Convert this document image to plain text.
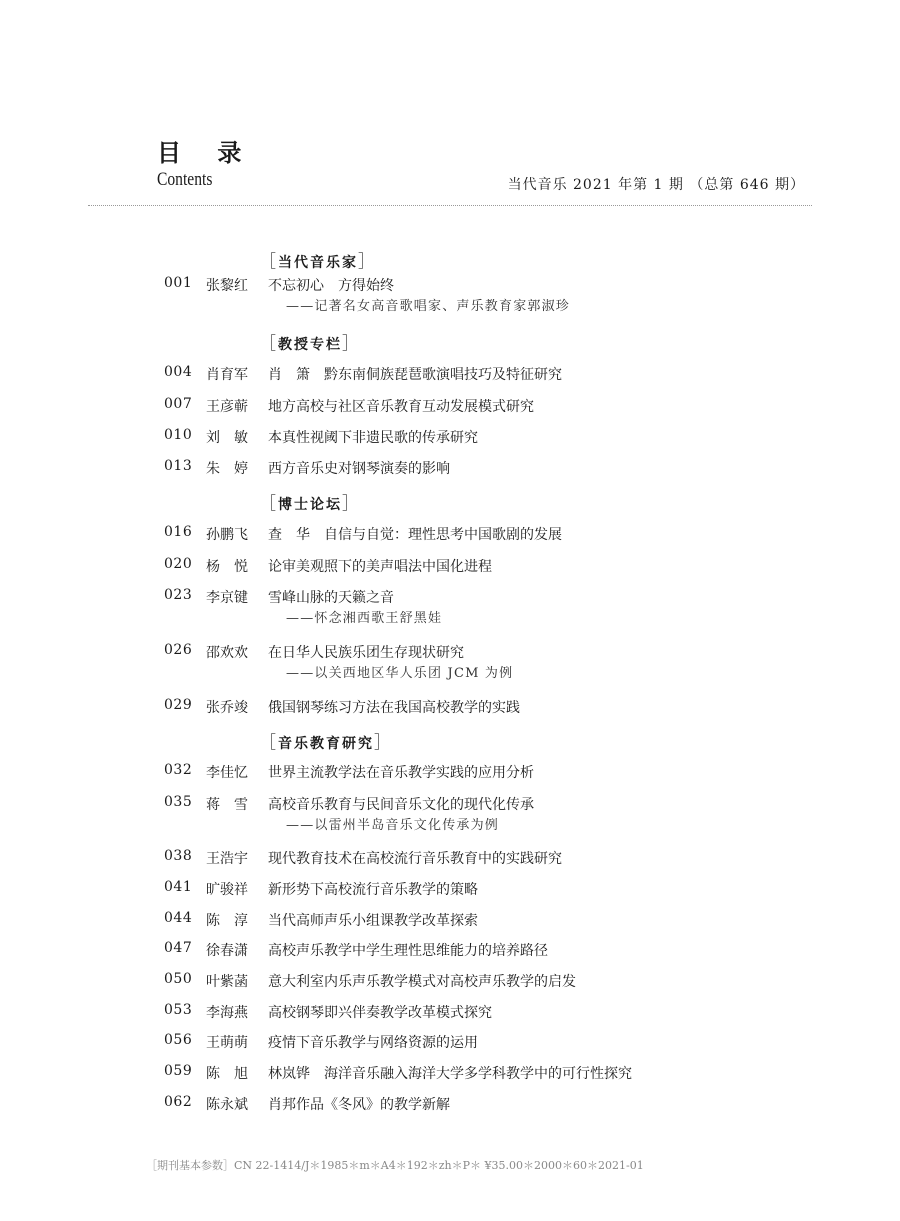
目 录
Contents	当代音乐 2021 年第 1 期 （总第 646 期）
［当代音乐家］
001 张黎红	不忘初心　方得始终
——记著名女高音歌唱家、声乐教育家郭淑珍
［教授专栏］
004 肖育军	肖　箫　黔东南侗族琵琶歌演唱技巧及特征研究
007 王彦蕲	地方高校与社区音乐教育互动发展模式研究
010 刘　敏	本真性视阈下非遗民歌的传承研究
013 朱　婷	西方音乐史对钢琴演奏的影响
［博士论坛］
016 孙鹏飞	查　华　自信与自觉：理性思考中国歌剧的发展
020 杨　悦	论审美观照下的美声唱法中国化进程
023 李京键	雪峰山脉的天籁之音
——怀念湘西歌王舒黑娃
026 邵欢欢	在日华人民族乐团生存现状研究
——以关西地区华人乐团 JCM 为例
029 张乔竣	俄国钢琴练习方法在我国高校教学的实践
［音乐教育研究］
032 李佳忆	世界主流教学法在音乐教学实践的应用分析
035 蒋　雪	高校音乐教育与民间音乐文化的现代化传承
——以雷州半岛音乐文化传承为例
038 王浩宇	现代教育技术在高校流行音乐教育中的实践研究
041 旷骏祥	新形势下高校流行音乐教学的策略
044 陈　淳	当代高师声乐小组课教学改革探索
047 徐春潇	高校声乐教学中学生理性思维能力的培养路径
050 叶紫菡	意大利室内乐声乐教学模式对高校声乐教学的启发
053 李海燕	高校钢琴即兴伴奏教学改革模式探究
056 王萌萌	疫情下音乐教学与网络资源的运用
059 陈　旭	林岚铧　海洋音乐融入海洋大学多学科教学中的可行性探究
062 陈永斌	肖邦作品《冬风》的教学新解
［期刊基本参数］CN 22-1414/J＊1985＊m＊A4＊192＊zh＊P＊ ¥35.00＊2000＊60＊2021-01
